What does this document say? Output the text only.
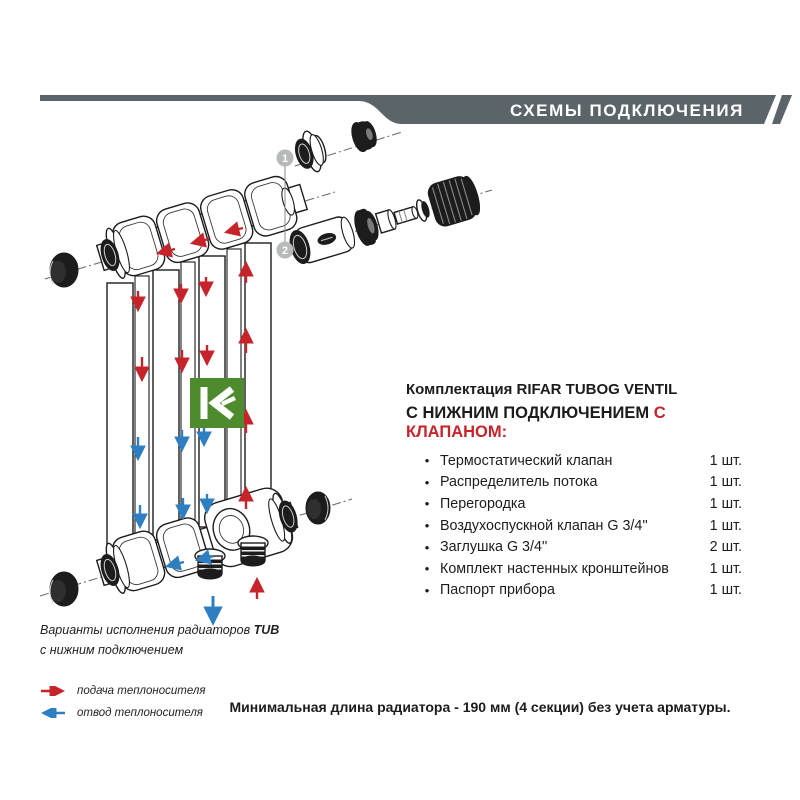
1
2
СХЕМЫ ПОДКЛЮЧЕНИЯ
Комплектация RIFAR TUBOG VENTIL
С НИЖНИМ ПОДКЛЮЧЕНИЕМ С КЛАПАНОМ:
• Термостатический клапан	1 шт.
• Распределитель потока	1 шт.
• Перегородка	1 шт.
• Воздухоспускной клапан G 3/4''	1 шт.
• Заглушка G 3/4''	2 шт.
• Комплект настенных кронштейнов	1 шт.
• Паспорт прибора	1 шт.
Варианты исполнения радиаторов TUB
с нижним подключением
подача теплоносителя
отвод теплоносителя	Минимальная длина радиатора - 190 мм (4 секции) без учета арматуры.
